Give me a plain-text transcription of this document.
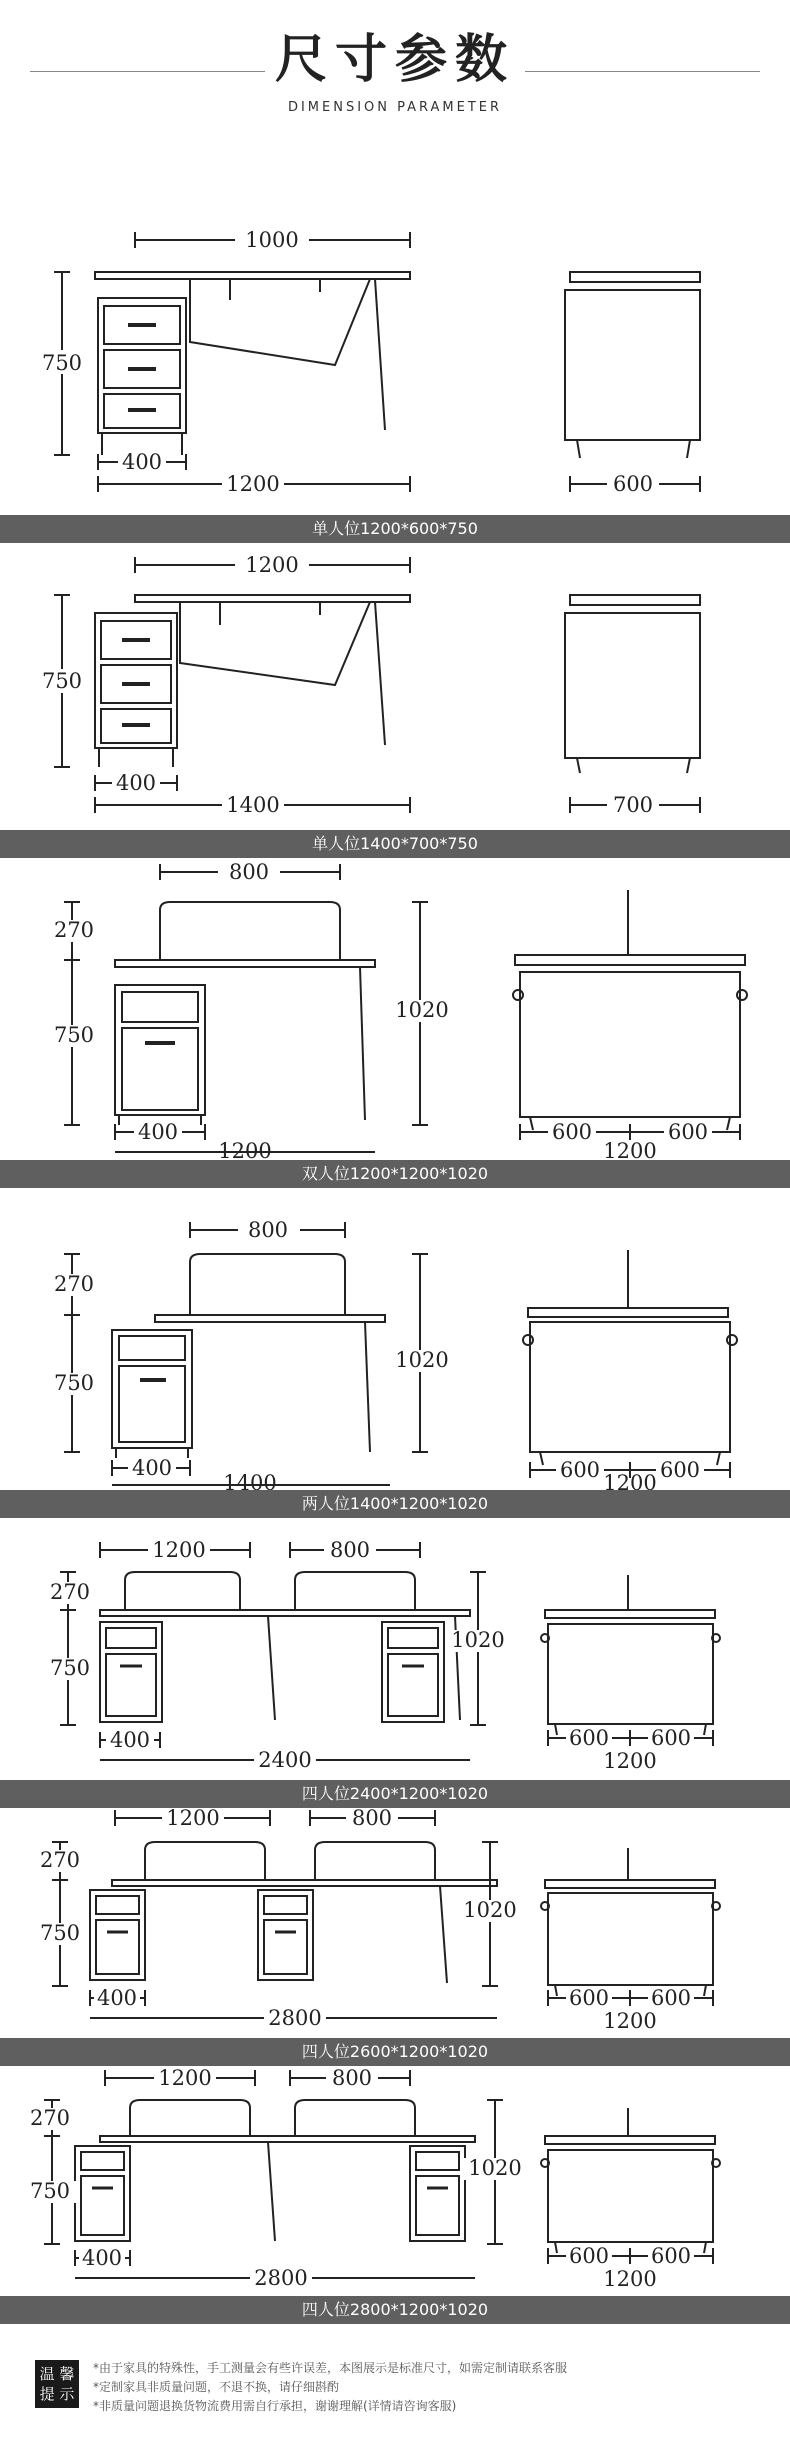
尺寸参数
DIMENSION PARAMETER
1000
750
400
1200	600
单人位1200*600*750
1200
750
400
1400	700
单人位1400*700*750
800
270
750
1020
400
1200
600	600
1200
双人位1200*1200*1020
800
270
750
1020
400
1400
600	600
1200
两人位1400*1200*1020
1200	800
270
750
1020
400
2400
600 600
1200
四人位2400*1200*1020
1200	800
270
750
1020
400
2800
600 600
1200
四人位2600*1200*1020
1200	800
270
750
1020
400
2800
600 600
1200
四人位2800*1200*1020
温 馨
提 示
*由于家具的特殊性，手工测量会有些许误差，本图展示是标准尺寸，如需定制请联系客服
*定制家具非质量问题，不退不换，请仔细斟酌
*非质量问题退换货物流费用需自行承担，谢谢理解(详情请咨询客服)
